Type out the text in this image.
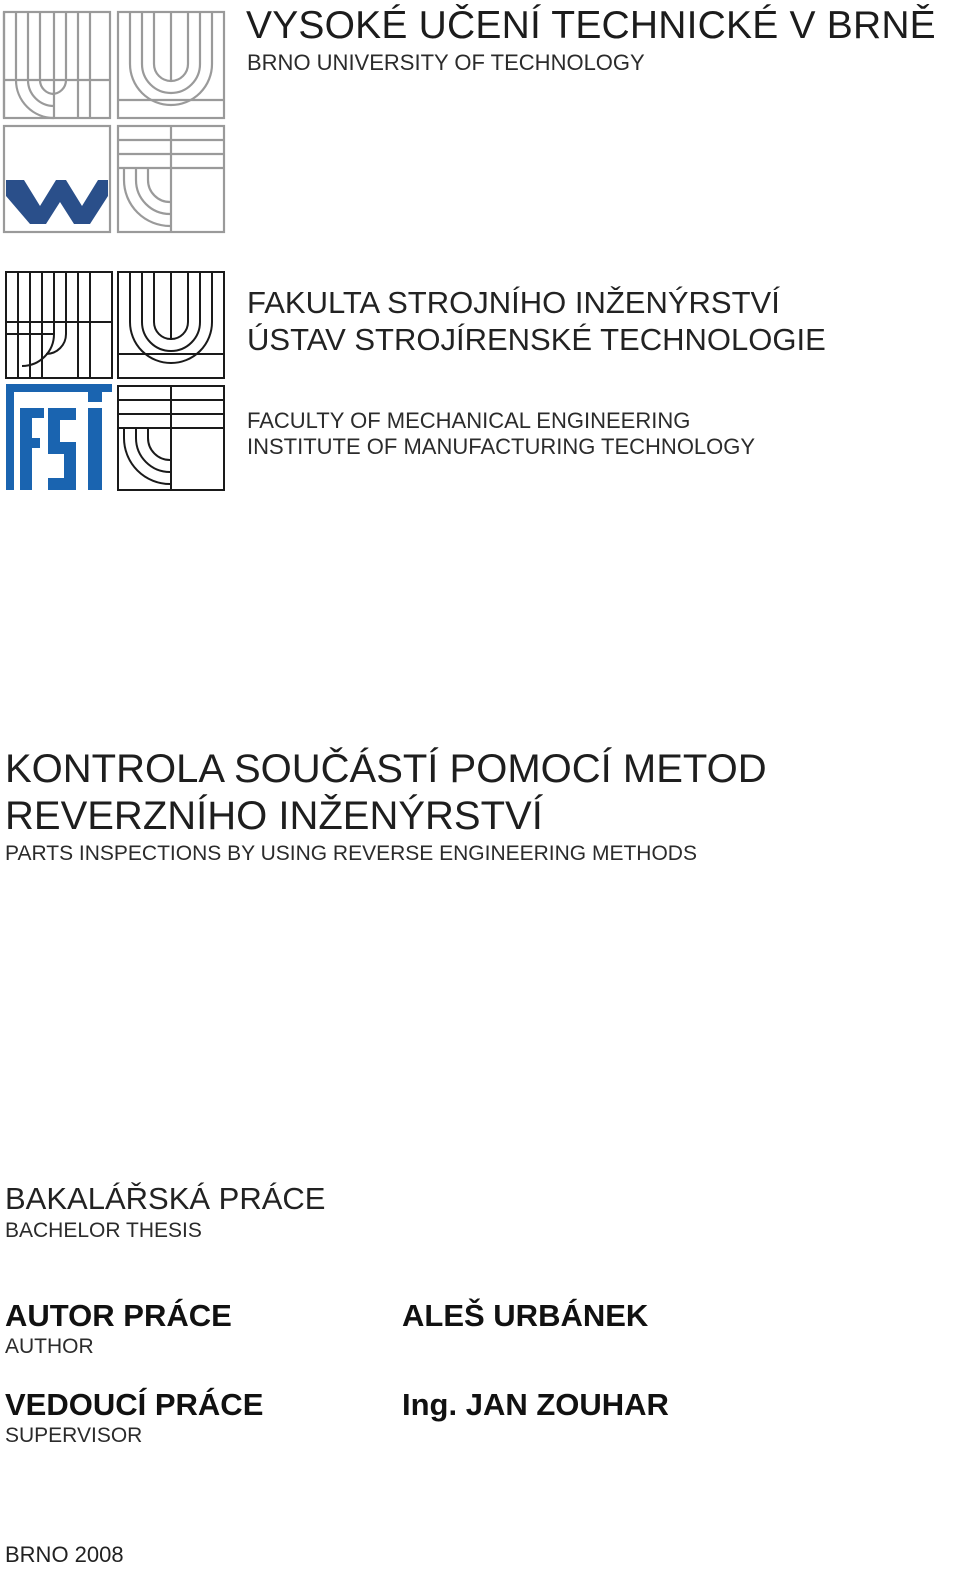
VYSOKÉ UČENÍ TECHNICKÉ V BRNĚ
BRNO UNIVERSITY OF TECHNOLOGY
FAKULTA STROJNÍHO INŽENÝRSTVÍ
ÚSTAV STROJÍRENSKÉ TECHNOLOGIE
FACULTY OF MECHANICAL ENGINEERING
INSTITUTE OF MANUFACTURING TECHNOLOGY
KONTROLA SOUČÁSTÍ POMOCÍ METOD
REVERZNÍHO INŽENÝRSTVÍ
PARTS INSPECTIONS BY USING REVERSE ENGINEERING METHODS
BAKALÁŘSKÁ PRÁCE
BACHELOR THESIS
AUTOR PRÁCE
AUTHOR
ALEŠ URBÁNEK
VEDOUCÍ PRÁCE
SUPERVISOR
Ing. JAN ZOUHAR
BRNO 2008
